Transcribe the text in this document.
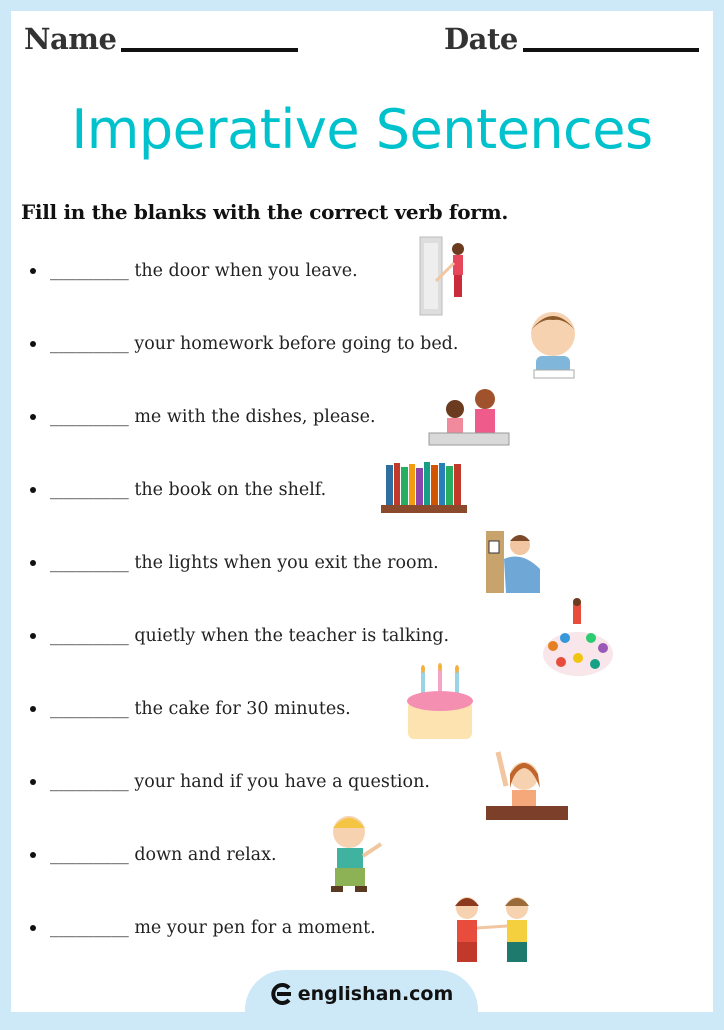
Name	Date
Imperative Sentences
Fill in the blanks with the correct verb form.
_________
the door when you leave.
_________
your homework before going to bed.
_________
me with the dishes, please.
_________
the book on the shelf.
_________
the lights when you exit the room.
_________
quietly when the teacher is talking.
_________
the cake for 30 minutes.
_________
your hand if you have a question.
_________
down and relax.
_________
me your pen for a moment.
englishan.com
